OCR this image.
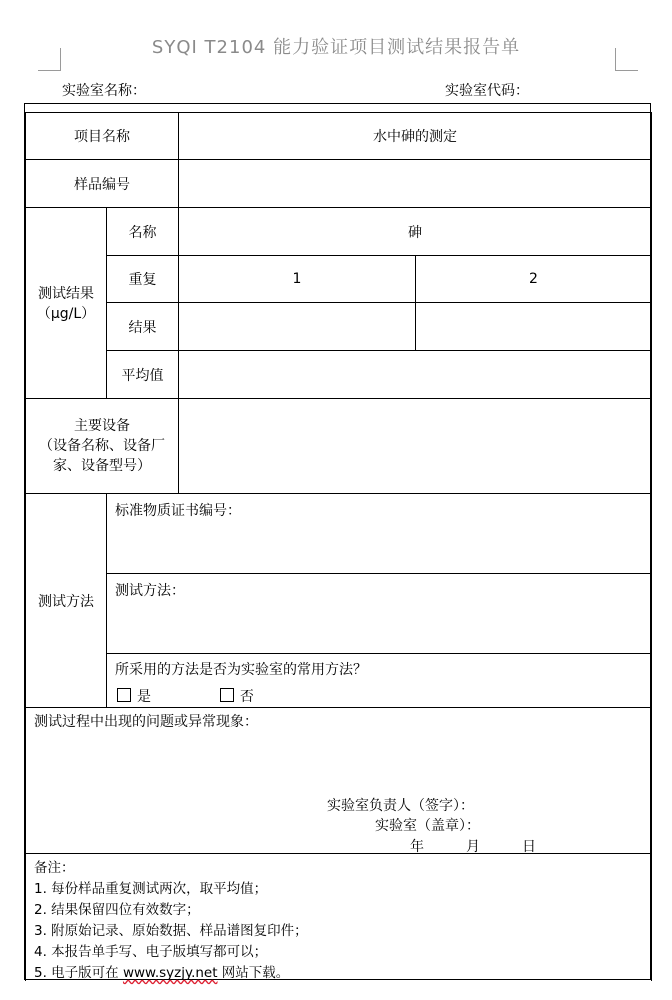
SYQI T2104 能力验证项目测试结果报告单
实验室名称：	实验室代码：
项目名称	水中砷的测定
样品编号
测试结果
（μg/L）
名称	砷
重复	1	2
结果
平均值
主要设备
（设备名称、设备厂
家、设备型号）
测试方法
标准物质证书编号：
测试方法：
所采用的方法是否为实验室的常用方法？
是	否
测试过程中出现的问题或异常现象：
实验室负责人（签字）：
实验室（盖章）：
年	月	日
备注：
1. 每份样品重复测试两次，取平均值；
2. 结果保留四位有效数字；
3. 附原始记录、原始数据、样品谱图复印件；
4. 本报告单手写、电子版填写都可以；
5. 电子版可在 www.syzjy.net 网站下载。
